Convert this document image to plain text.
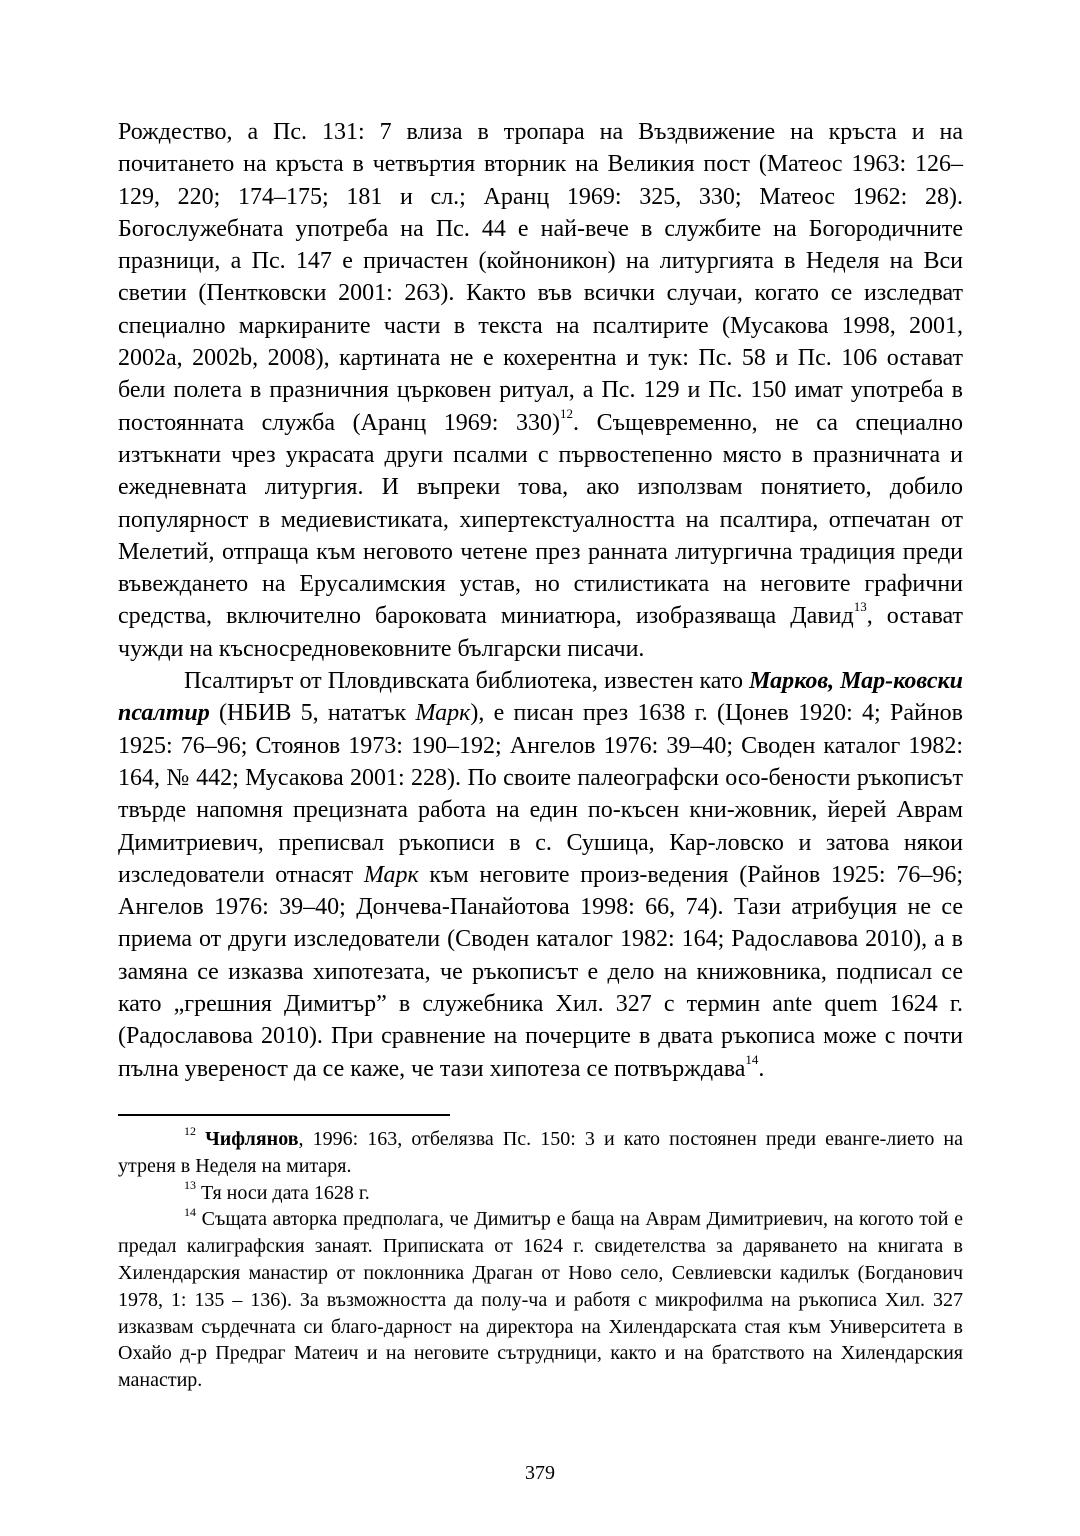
Рождество, а Пс. 131: 7 влиза в тропара на Въздвижение на кръста и на почитането на кръста в четвъртия вторник на Великия пост (Матеос 1963: 126–129, 220; 174–175; 181 и сл.; Аранц 1969: 325, 330; Матеос 1962: 28). Богослужебната употреба на Пс. 44 е най-вече в службите на Богородичните празници, а Пс. 147 е причастен (койноникон) на литургията в Неделя на Вси светии (Пентковски 2001: 263). Както във всички случаи, когато се изследват специално маркираните части в текста на псалтирите (Мусакова 1998, 2001, 2002a, 2002b, 2008), картината не е кохерентна и тук: Пс. 58 и Пс. 106 остават бели полета в празничния църковен ритуал, а Пс. 129 и Пс. 150 имат употреба в постоянната служба (Аранц 1969: 330)$^{12}$. Същевременно, не са специално изтъкнати чрез украсата други псалми с първостепенно място в празничната и ежедневната литургия. И въпреки това, ако използвам понятието, добило популярност в медиевистиката, хипертекстуалността на псалтира, отпечатан от Мелетий, отпраща към неговото четене през ранната литургична традиция преди въвеждането на Ерусалимския устав, но стилистиката на неговите графични средства, включително бароковата миниатюра, изобразяваща Давид$^{13}$, остават чужди на късносредновековните български писачи.

Псалтирът от Пловдивската библиотека, известен като Марков, Мар-ковски псалтир (НБИВ 5, нататък Марк), е писан през 1638 г. (Цонев 1920: 4; Райнов 1925: 76–96; Стоянов 1973: 190–192; Ангелов 1976: 39–40; Сводeн каталог 1982: 164, № 442; Мусакова 2001: 228). По своите палеографски осо-бености ръкописът твърде напомня прецизната работа на един по-късен кни-жовник, йерей Аврам Димитриевич, преписвал ръкописи в с. Сушица, Кар-ловско и затова някои изследователи отнасят Марк към неговите произ-ведения (Райнов 1925: 76–96; Ангелов 1976: 39–40; Дончева-Панайотова 1998: 66, 74). Тази атрибуция не се приема от други изследователи (Сводeн каталог 1982: 164; Радославова 2010), а в замяна се изказва хипотезата, че ръкописът е дело на книжовника, подписал се като „грешния Димитър” в служебника Хил. 327 с термин ante quem 1624 г. (Радославова 2010). При сравнение на почерците в двата ръкописа може с почти пълна увереност да се каже, че тази хипотеза се потвърждава$^{14}$.

$^{12}$ Чифлянов, 1996: 163, отбелязва Пс. 150: 3 и като постоянен преди еванге-лието на утреня в Неделя на митаря.

$^{13}$ Тя носи дата 1628 г.

$^{14}$ Същата авторка предполага, че Димитър е баща на Аврам Димитриевич, на когото той е предал калиграфския занаят. Приписката от 1624 г. свидетелства за даряването на книгата в Хилендарския манастир от поклонника Драган от Ново село, Севлиевски кадилък (Богданович 1978, 1: 135 – 136). За възможността да полу-ча и работя с микрофилма на ръкописа Хил. 327 изказвам сърдечната си благо-дарност на директора на Хилендарската стая към Университета в Охайо д-р Предраг Матеич и на неговите сътрудници, както и на братството на Хилендарския манастир.

379
